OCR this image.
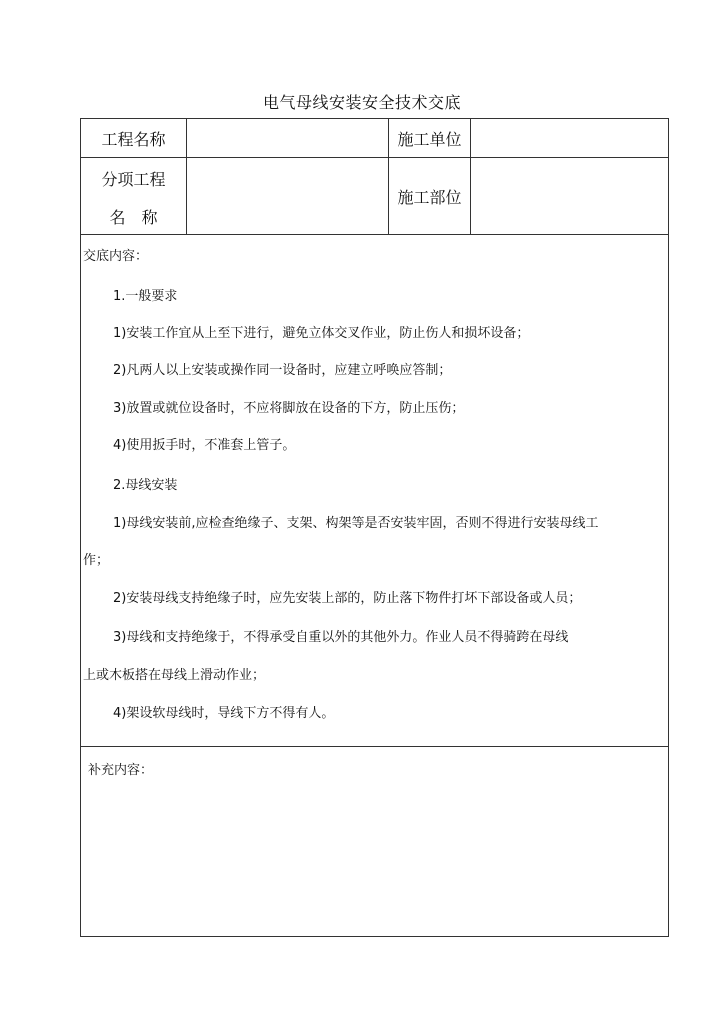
电气母线安装安全技术交底
工程名称	施工单位
分项工程
名　称
施工部位
交底内容：
1.一般要求
1)安装工作宜从上至下进行，避免立体交叉作业，防止伤人和损坏设备；
2)凡两人以上安装或操作同一设备时，应建立呼唤应答制；
3)放置或就位设备时，不应将脚放在设备的下方，防止压伤；
4)使用扳手时，不准套上管子。
2.母线安装
1)母线安装前,应检查绝缘子、支架、构架等是否安装牢固，否则不得进行安装母线工
作；
2)安装母线支持绝缘子时，应先安装上部的，防止落下物件打坏下部设备或人员；
3)母线和支持绝缘于，不得承受自重以外的其他外力。作业人员不得骑跨在母线
上或木板搭在母线上滑动作业；
4)架设软母线时，导线下方不得有人。
补充内容：
